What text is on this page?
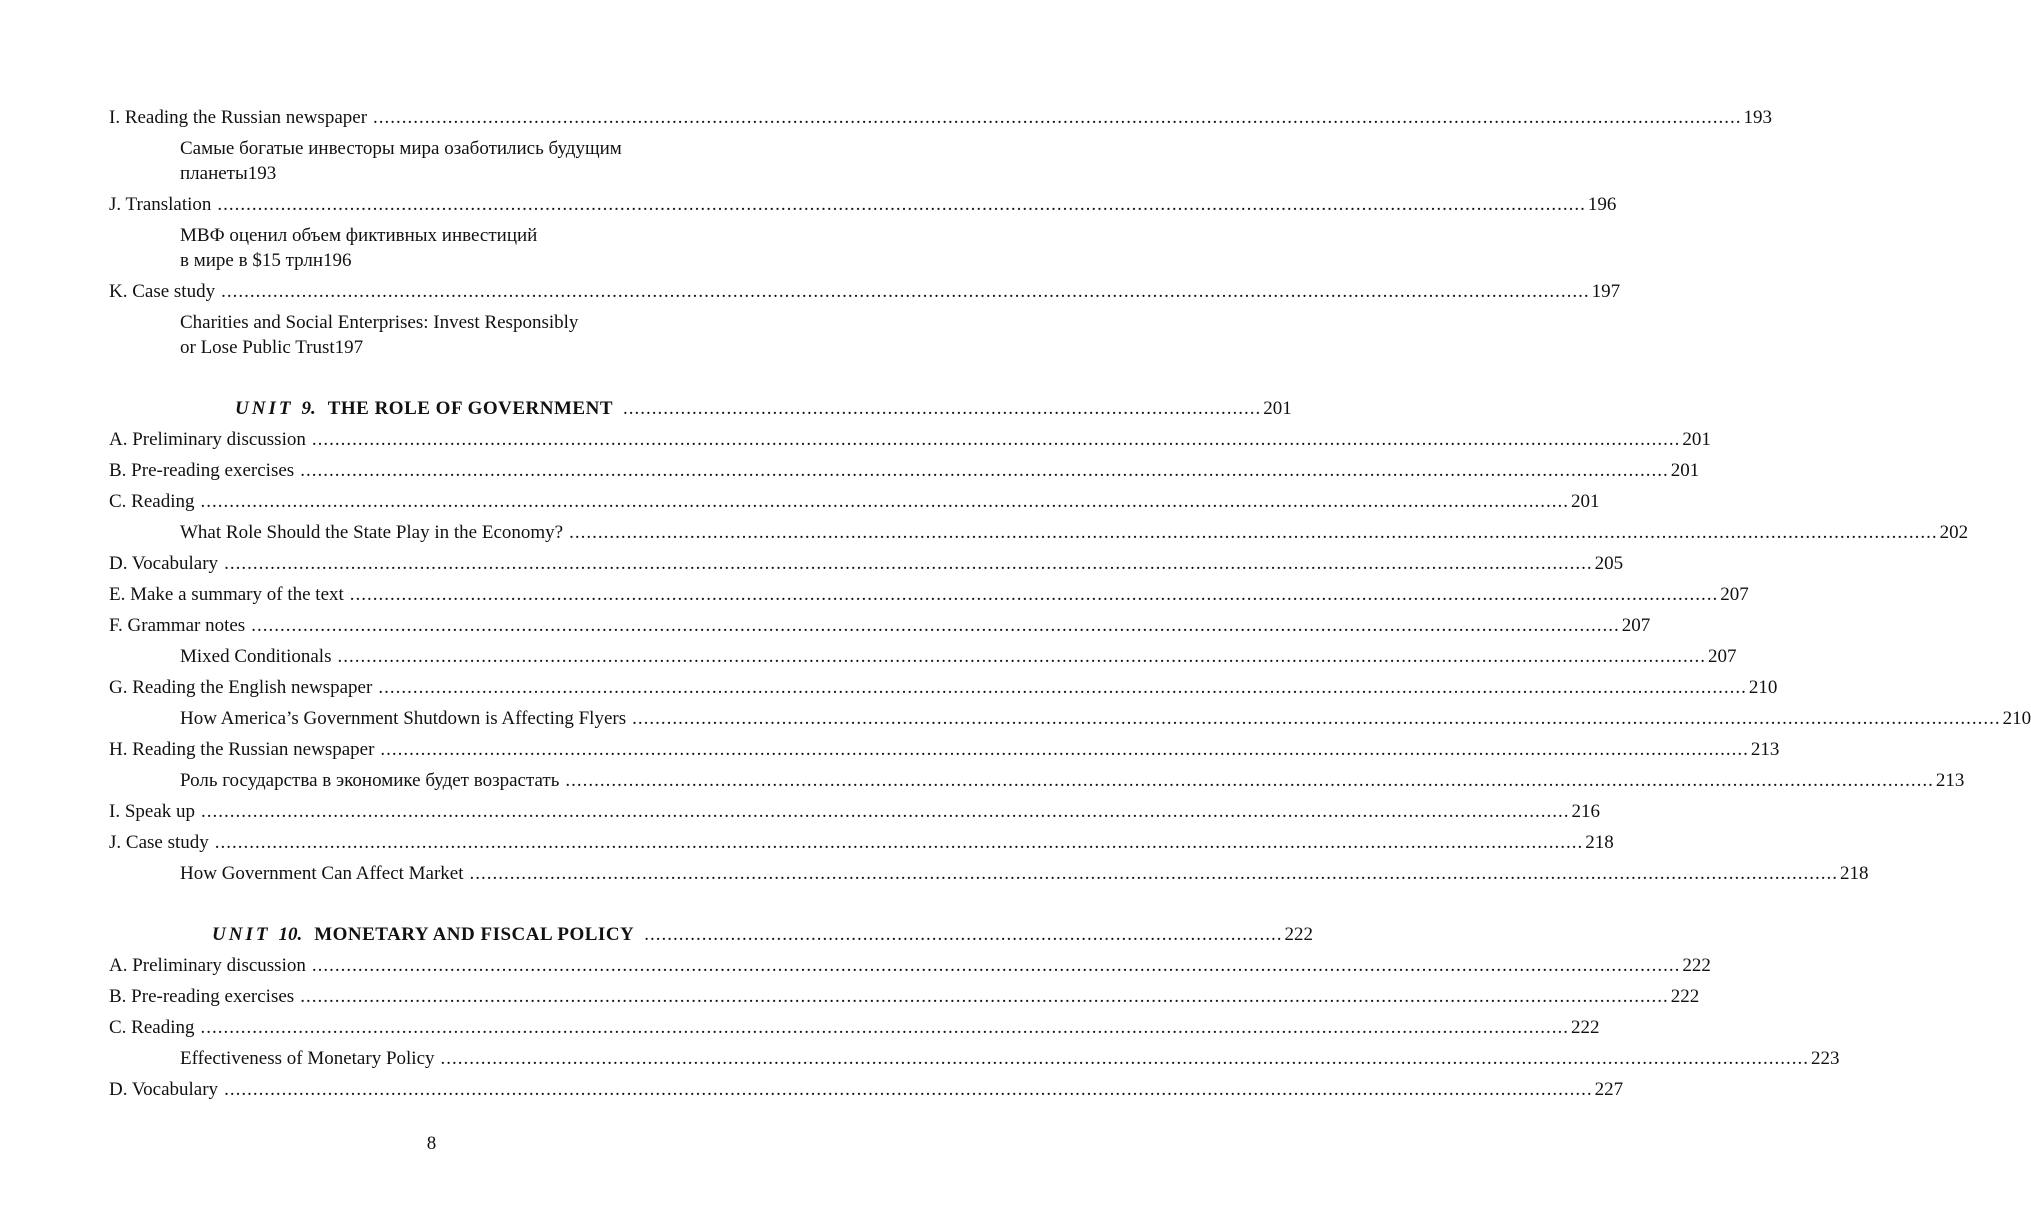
I. Reading the Russian newspaper .....	193
Самые богатые инвесторы мира озаботились будущим
планеты 193
J. Translation .....	196
МВФ оценил объем фиктивных инвестиций
в мире в $15 трлн 196
K. Case study .....	197
Charities and Social Enterprises: Invest Responsibly
or Lose Public Trust 197
UNIT 9. THE ROLE OF GOVERNMENT ............................................................................................................... 201
A. Preliminary discussion .....	201
B. Pre-reading exercises .....	201
C. Reading .....	201
What Role Should the State Play in the Economy? .....	202
D. Vocabulary .....	205
E. Make a summary of the text .....	207
F. Grammar notes .....	207
Mixed Conditionals .....	207
G. Reading the English newspaper .....	210
How America’s Government Shutdown is Affecting Flyers .....	210
H. Reading the Russian newspaper .....	213
Роль государства в экономике будет возрастать .....	213
I. Speak up .....	216
J. Case study .....	218
How Government Can Affect Market .....	218
UNIT 10. MONETARY AND FISCAL POLICY ............................................................................................................... 222
A. Preliminary discussion .....	222
B. Pre-reading exercises .....	222
C. Reading .....	222
Effectiveness of Monetary Policy .....	223
D. Vocabulary .....	227
8
